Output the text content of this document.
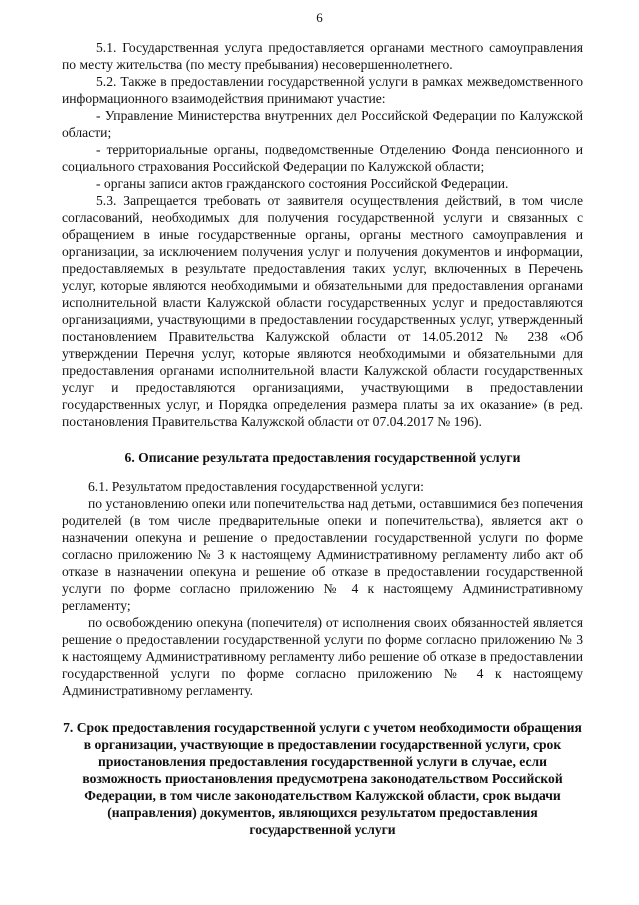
6

5.1. Государственная услуга предоставляется органами местного самоуправления по месту жительства (по месту пребывания) несовершеннолетнего.

5.2. Также в предоставлении государственной услуги в рамках межведомственного информационного взаимодействия принимают участие:

- Управление Министерства внутренних дел Российской Федерации по Калужской области;

- территориальные органы, подведомственные Отделению Фонда пенсионного и социального страхования Российской Федерации по Калужской области;

- органы записи актов гражданского состояния Российской Федерации.

5.3. Запрещается требовать от заявителя осуществления действий, в том числе согласований, необходимых для получения государственной услуги и связанных с обращением в иные государственные органы, органы местного самоуправления и организации, за исключением получения услуг и получения документов и информации, предоставляемых в результате предоставления таких услуг, включенных в Перечень услуг, которые являются необходимыми и обязательными для предоставления органами исполнительной власти Калужской области государственных услуг и предоставляются организациями, участвующими в предоставлении государственных услуг, утвержденный постановлением Правительства Калужской области от 14.05.2012 № 238 «Об утверждении Перечня услуг, которые являются необходимыми и обязательными для предоставления органами исполнительной власти Калужской области государственных услуг и предоставляются организациями, участвующими в предоставлении государственных услуг, и Порядка определения размера платы за их оказание» (в ред. постановления Правительства Калужской области от 07.04.2017 № 196).

6. Описание результата предоставления государственной услуги

6.1. Результатом предоставления государственной услуги:

по установлению опеки или попечительства над детьми, оставшимися без попечения родителей (в том числе предварительные опеки и попечительства), является акт о назначении опекуна и решение о предоставлении государственной услуги по форме согласно приложению № 3 к настоящему Административному регламенту либо акт об отказе в назначении опекуна и решение об отказе в предоставлении государственной услуги по форме согласно приложению № 4 к настоящему Административному регламенту;

по освобождению опекуна (попечителя) от исполнения своих обязанностей является решение о предоставлении государственной услуги по форме согласно приложению № 3 к настоящему Административному регламенту либо решение об отказе в предоставлении государственной услуги по форме согласно приложению № 4 к настоящему Административному регламенту.

7. Срок предоставления государственной услуги с учетом необходимости обращения в организации, участвующие в предоставлении государственной услуги, срок приостановления предоставления государственной услуги в случае, если возможность приостановления предусмотрена законодательством Российской Федерации, в том числе законодательством Калужской области, срок выдачи (направления) документов, являющихся результатом предоставления государственной услуги
